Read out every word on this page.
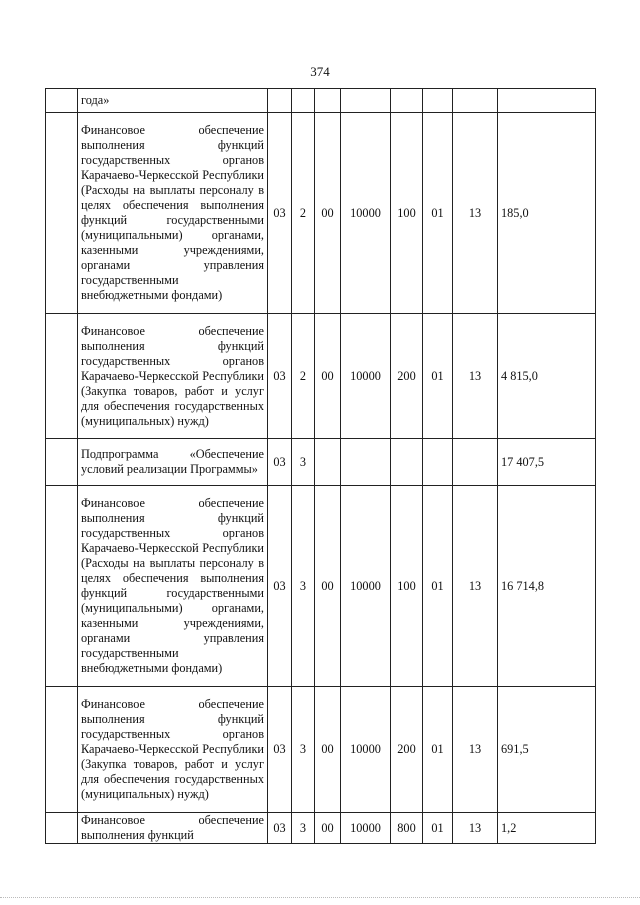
374
	года»								
	Финансовое обеспечение выполнения функций государственных органов Карачаево-Черкесской Республики (Расходы на выплаты персоналу в целях обеспечения выполнения функций государственными (муниципальными) органами, казенными учреждениями, органами управления государственными внебюджетными фондами)	03	2	00	10000	100	01	13	185,0
	Финансовое обеспечение выполнения функций государственных органов Карачаево-Черкесской Республики (Закупка товаров, работ и услуг для обеспечения государственных (муниципальных) нужд)	03	2	00	10000	200	01	13	4 815,0
	Подпрограмма «Обеспечение условий реализации Программы»	03	3						17 407,5
	Финансовое обеспечение выполнения функций государственных органов Карачаево-Черкесской Республики (Расходы на выплаты персоналу в целях обеспечения выполнения функций государственными (муниципальными) органами, казенными учреждениями, органами управления государственными внебюджетными фондами)	03	3	00	10000	100	01	13	16 714,8
	Финансовое обеспечение выполнения функций государственных органов Карачаево-Черкесской Республики (Закупка товаров, работ и услуг для обеспечения государственных (муниципальных) нужд)	03	3	00	10000	200	01	13	691,5
	Финансовое обеспечение выполнения функций	03	3	00	10000	800	01	13	1,2
